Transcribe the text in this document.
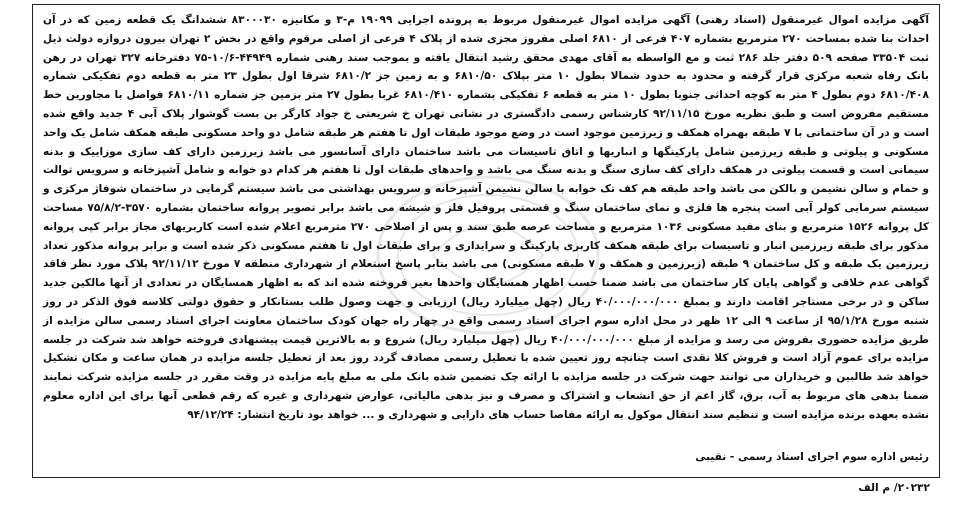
آگهی مزایده اموال غیرمنقول (اسناد رهنی) آگهی مزایده اموال غیرمنقول مربوط به پرونده اجرایی ۱۹۰۹۹ م-۳ و مکانیزه ۸۳۰۰۰۳۰ ششدانگ یک قطعه زمین که در آن احداث بنا شده بمساحت ۲۷۰ مترمربع بشماره ۴۰۷ فرعی از ۶۸۱۰ اصلی مفروز مجزی شده از پلاک ۴ فرعی از اصلی مرقوم واقع در بخش ۲ تهران بیرون دروازه دولت ذیل ثبت ۳۳۵۰۴ صفحه ۵۰۹ دفتر جلد ۲۸۶ ثبت و مع الواسطه به آقای مهدی محقق رشید انتقال یافته و بموجب سند رهنی شماره ۴۴۹۴۹-۱۰/۶-۷۵ دفترخانه ۳۲۷ تهران در رهن بانک رفاه شعبه مرکزی قرار گرفته و محدود به حدود شمالا بطول ۱۰ متر بپلاک ۶۸۱۰/۵۰ و به زمین جز ۶۸۱۰/۲ شرقا اول بطول ۲۳ متر به قطعه دوم تفکیکی شماره ۶۸۱۰/۴۰۸ دوم بطول ۴ متر به کوچه احداثی جنوبا بطول ۱۰ متر به قطعه ۶ تفکیکی بشماره ۶۸۱۰/۴۱۰ غربا بطول ۲۷ متر بزمین جز شماره ۶۸۱۰/۱۱ فواصل با مجاورین خط مستقیم مفروض است و طبق نظریه مورخ ۹۲/۱۱/۱۵ کارشناس رسمی دادگستری در نشانی تهران خ شریعتی خ جواد کارگر بن بست گوشوار پلاک آبی ۴ جدید واقع شده است و در آن ساختمانی با ۷ طبقه بهمراه همکف و زیرزمین موجود است در وضع موجود طبقات اول تا هفتم هر طبقه شامل دو واحد مسکونی طبقه همکف شامل یک واحد مسکونی و پیلوتی و طبقه زیرزمین شامل پارکینگها و انباریها و اتاق تاسیسات می باشد ساختمان دارای آسانسور می باشد زیرزمین دارای کف سازی موزاییک و بدنه سیمانی است و قسمت پیلوتی در همکف دارای کف سازی سنگ و بدنه سنگ می باشد و واحدهای طبقات اول تا هفتم هر کدام دو خوابه و شامل آشپزخانه و سرویس توالت و حمام و سالن نشیمن و بالکن می باشد واحد طبقه هم کف تک خوابه با سالن نشیمن آشپزخانه و سرویس بهداشتی می باشد سیستم گرمایی در ساختمان شوفاژ مرکزی و سیستم سرمایی کولر آبی است پنجره ها فلزی و نمای ساختمان سنگ و قسمتی پروفیل فلز و شیشه می باشد برابر تصویر پروانه ساختمان بشماره ۳۵۷۰-۷۵/۸/۲ مساحت کل پروانه ۱۵۲۶ مترمربع و بنای مفید مسکونی ۱۰۳۶ مترمربع و مساحت عرصه طبق سند و پس از اصلاحی ۲۷۰ مترمربع اعلام شده است کاربریهای مجاز برابر کپی پروانه مذکور برای طبقه زیرزمین انبار و تاسیسات برای طبقه همکف کاربری پارکینگ و سرایداری و برای طبقات اول تا هفتم مسکونی ذکر شده است و برابر پروانه مذکور تعداد زیرزمین یک طبقه و کل ساختمان ۹ طبقه (زیرزمین و همکف و ۷ طبقه مسکونی) می باشد بنابر پاسخ استعلام از شهرداری منطقه ۷ مورخ ۹۲/۱۱/۱۲ پلاک مورد نظر فاقد گواهی عدم خلافی و گواهی پایان کار ساختمان می باشد ضمنا حسب اظهار همسایگان واحدها بغیر فروخته شده اند که به اظهار همسایگان در تعدادی از آنها مالکین جدید ساکن و در برخی مستاجر اقامت دارند و بمبلغ ۴۰/۰۰۰/۰۰۰/۰۰۰ ریال (چهل میلیارد ریال) ارزیابی و جهت وصول طلب بستانکار و حقوق دولتی کلاسه فوق الذکر در روز شنبه مورخ ۹۵/۱/۲۸ از ساعت ۹ الی ۱۲ ظهر در محل اداره سوم اجرای اسناد رسمی واقع در چهار راه جهان کودک ساختمان معاونت اجرای اسناد رسمی سالن مزایده از طریق مزایده حضوری بفروش می رسد و مزایده از مبلغ ۴۰/۰۰۰/۰۰۰/۰۰۰ ریال (چهل میلیارد ریال) شروع و به بالاترین قیمت پیشنهادی فروخته خواهد شد شرکت در جلسه مزایده برای عموم آزاد است و فروش کلا نقدی است چنانچه روز تعیین شده با تعطیل رسمی مصادف گردد روز بعد از تعطیل جلسه مزایده در همان ساعت و مکان تشکیل خواهد شد طالبین و خریداران می توانند جهت شرکت در جلسه مزایده با ارائه چک تضمین شده بانک ملی به مبلغ پایه مزایده در وقت مقرر در جلسه مزایده شرکت نمایند ضمنا بدهی های مربوط به آب، برق، گاز اعم از حق انشعاب و اشتراک و مصرف و نیز بدهی مالیاتی، عوارض شهرداری و غیره که رقم قطعی آنها برای این اداره معلوم نشده بعهده برنده مزایده است و تنظیم سند انتقال موکول به ارائه مفاصا حساب های دارایی و شهرداری و ... خواهد بود تاریخ انتشار: ۹۴/۱۲/۲۴

رئیس اداره سوم اجرای اسناد رسمی - نقیبی
۲۰۲۳۲/ م الف
